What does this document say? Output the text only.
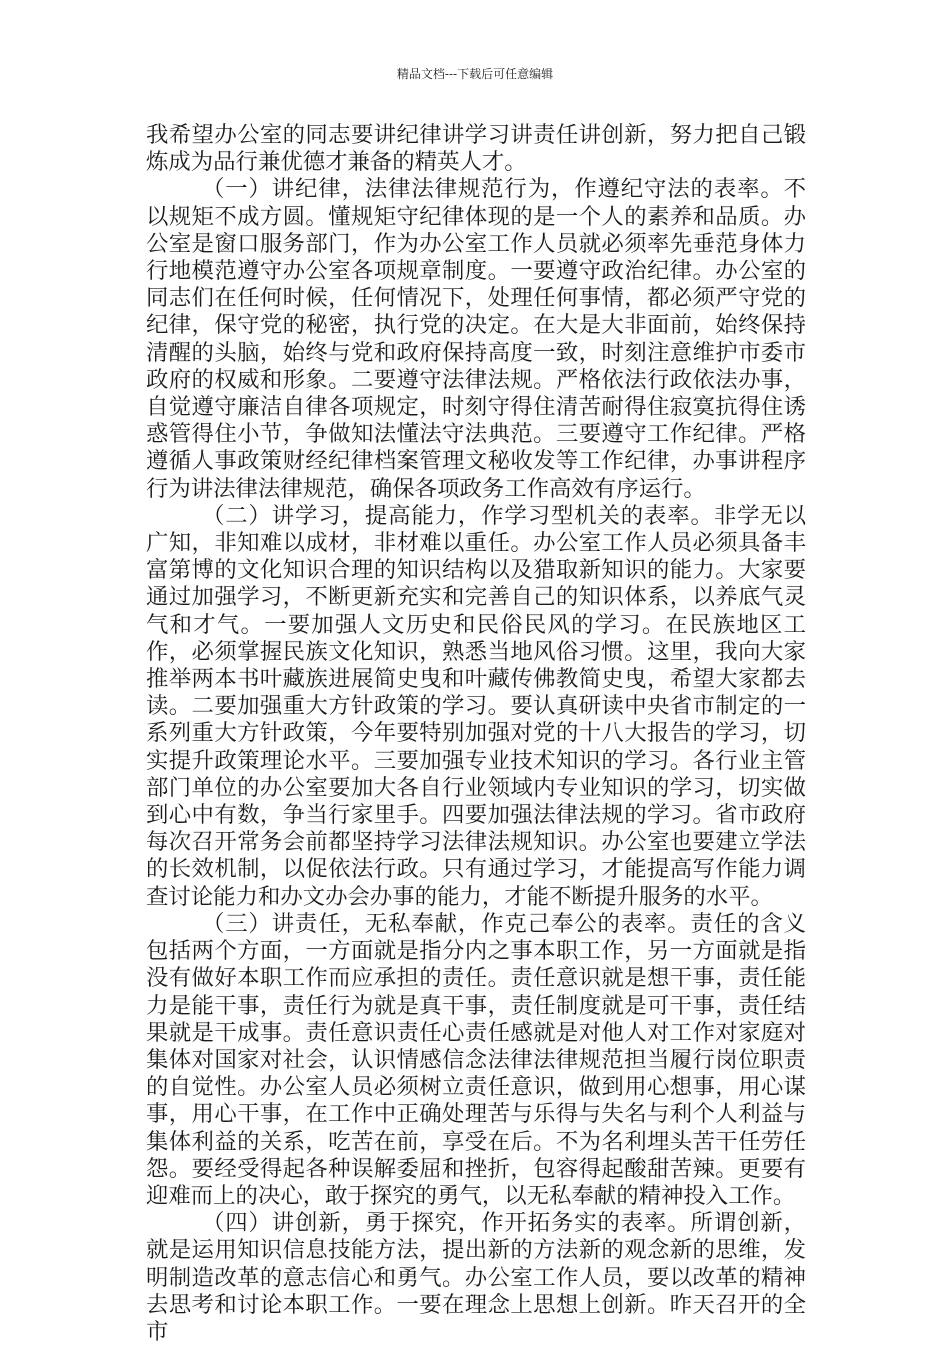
精品文档---下载后可任意编辑

我希望办公室的同志要讲纪律讲学习讲责任讲创新，努力把自己锻炼成为品行兼优德才兼备的精英人才。

（一）讲纪律，法律法律规范行为，作遵纪守法的表率。不以规矩不成方圆。懂规矩守纪律体现的是一个人的素养和品质。办公室是窗口服务部门，作为办公室工作人员就必须率先垂范身体力行地模范遵守办公室各项规章制度。一要遵守政治纪律。办公室的同志们在任何时候，任何情况下，处理任何事情，都必须严守党的纪律，保守党的秘密，执行党的决定。在大是大非面前，始终保持清醒的头脑，始终与党和政府保持高度一致，时刻注意维护市委市政府的权威和形象。二要遵守法律法规。严格依法行政依法办事，自觉遵守廉洁自律各项规定，时刻守得住清苦耐得住寂寞抗得住诱惑管得住小节，争做知法懂法守法典范。三要遵守工作纪律。严格遵循人事政策财经纪律档案管理文秘收发等工作纪律，办事讲程序行为讲法律法律规范，确保各项政务工作高效有序运行。

（二）讲学习，提高能力，作学习型机关的表率。非学无以广知，非知难以成材，非材难以重任。办公室工作人员必须具备丰富第博的文化知识合理的知识结构以及猎取新知识的能力。大家要通过加强学习，不断更新充实和完善自己的知识体系，以养底气灵气和才气。一要加强人文历史和民俗民风的学习。在民族地区工作，必须掌握民族文化知识，熟悉当地风俗习惯。这里，我向大家推举两本书叶藏族进展简史曳和叶藏传佛教简史曳，希望大家都去读。二要加强重大方针政策的学习。要认真研读中央省市制定的一系列重大方针政策，今年要特别加强对党的十八大报告的学习，切实提升政策理论水平。三要加强专业技术知识的学习。各行业主管部门单位的办公室要加大各自行业领域内专业知识的学习，切实做到心中有数，争当行家里手。四要加强法律法规的学习。省市政府每次召开常务会前都坚持学习法律法规知识。办公室也要建立学法的长效机制，以促依法行政。只有通过学习，才能提高写作能力调查讨论能力和办文办会办事的能力，才能不断提升服务的水平。

（三）讲责任，无私奉献，作克己奉公的表率。责任的含义包括两个方面，一方面就是指分内之事本职工作，另一方面就是指没有做好本职工作而应承担的责任。责任意识就是想干事，责任能力是能干事，责任行为就是真干事，责任制度就是可干事，责任结果就是干成事。责任意识责任心责任感就是对他人对工作对家庭对集体对国家对社会，认识情感信念法律法律规范担当履行岗位职责的自觉性。办公室人员必须树立责任意识，做到用心想事，用心谋事，用心干事，在工作中正确处理苦与乐得与失名与利个人利益与集体利益的关系，吃苦在前，享受在后。不为名利埋头苦干任劳任怨。要经受得起各种误解委屈和挫折，包容得起酸甜苦辣。更要有迎难而上的决心，敢于探究的勇气，以无私奉献的精神投入工作。

（四）讲创新，勇于探究，作开拓务实的表率。所谓创新，就是运用知识信息技能方法，提出新的方法新的观念新的思维，发明制造改革的意志信心和勇气。办公室工作人员，要以改革的精神去思考和讨论本职工作。一要在理念上思想上创新。昨天召开的全市
